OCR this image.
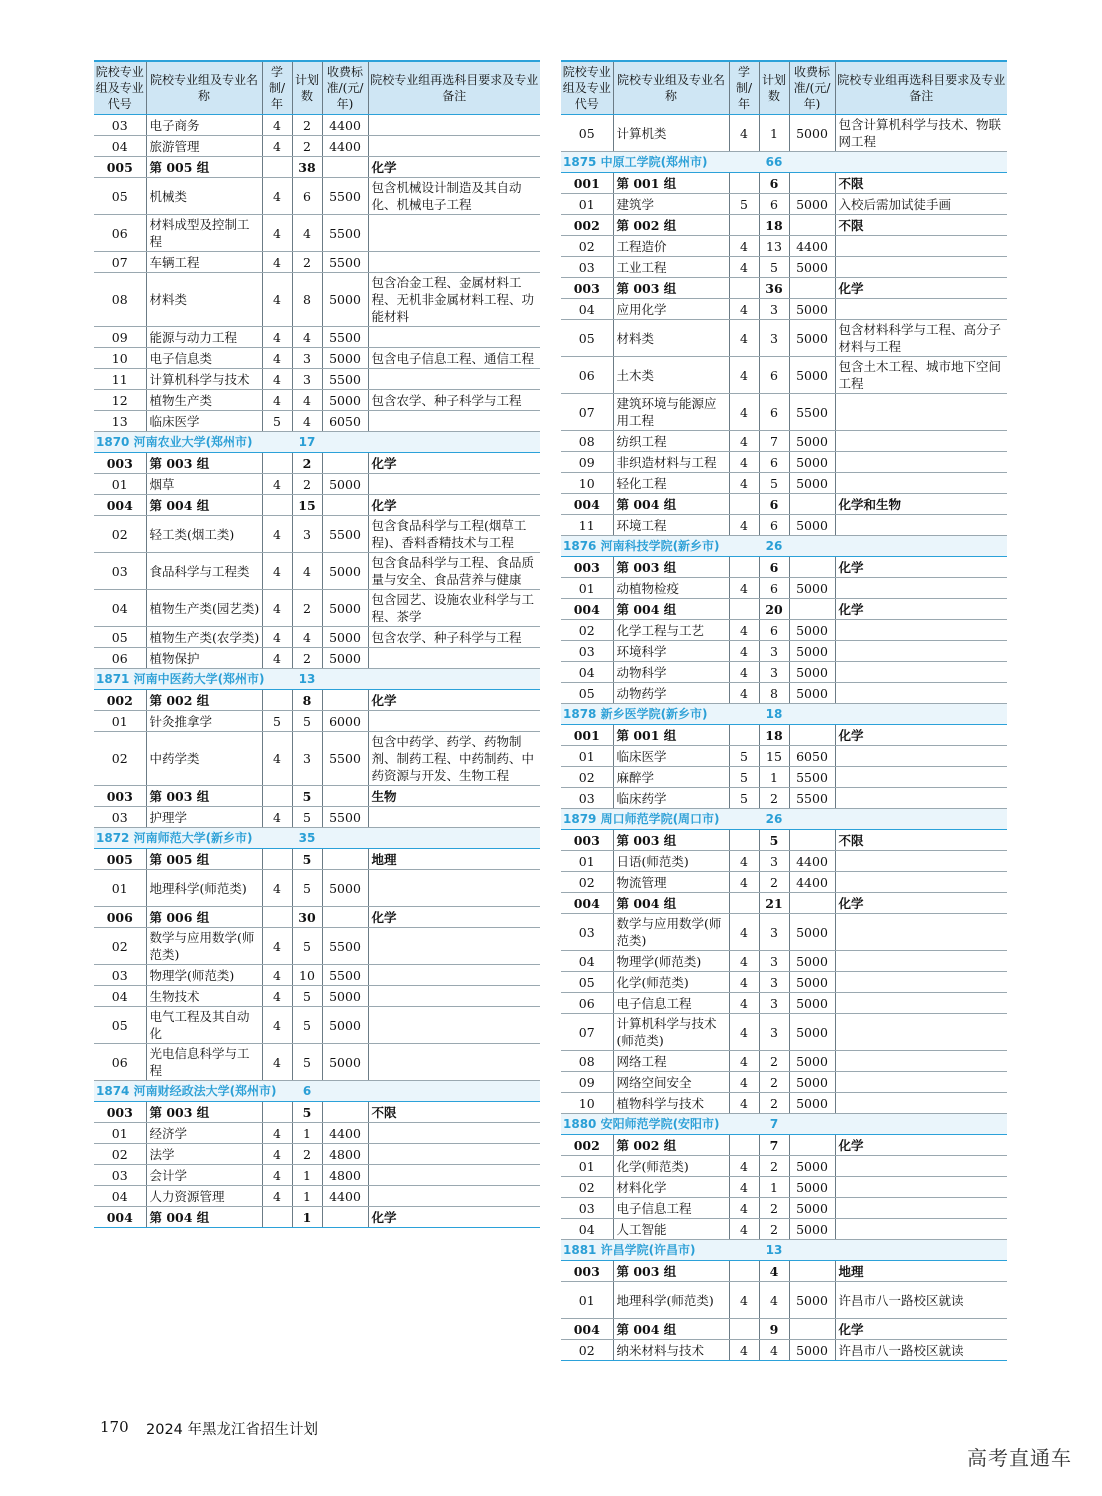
院校专业组及专业代号	院校专业组及专业名称	学制/年	计划数	收费标准/(元/年)	院校专业组再选科目要求及专业备注
03	电子商务	4	2	4400	
04	旅游管理	4	2	4400	
005	第 005 组		38		化学
05	机械类	4	6	5500	包含机械设计制造及其自动化、机械电子工程
06	材料成型及控制工程	4	4	5500	
07	车辆工程	4	2	5500	
08	材料类	4	8	5000	包含冶金工程、金属材料工程、无机非金属材料工程、功能材料
09	能源与动力工程	4	4	5500	
10	电子信息类	4	3	5000	包含电子信息工程、通信工程
11	计算机科学与技术	4	3	5500	
12	植物生产类	4	4	5000	包含农学、种子科学与工程
13	临床医学	5	4	6050	
1870 河南农业大学(郑州市)			17		
003	第 003 组		2		化学
01	烟草	4	2	5000	
004	第 004 组		15		化学
02	轻工类(烟工类)	4	3	5500	包含食品科学与工程(烟草工程)、香料香精技术与工程
03	食品科学与工程类	4	4	5000	包含食品科学与工程、食品质量与安全、食品营养与健康
04	植物生产类(园艺类)	4	2	5000	包含园艺、设施农业科学与工程、茶学
05	植物生产类(农学类)	4	4	5000	包含农学、种子科学与工程
06	植物保护	4	2	5000	
1871 河南中医药大学(郑州市)			13		
002	第 002 组		8		化学
01	针灸推拿学	5	5	6000	
02	中药学类	4	3	5500	包含中药学、药学、药物制剂、制药工程、中药制药、中药资源与开发、生物工程
003	第 003 组		5		生物
03	护理学	4	5	5500	
1872 河南师范大学(新乡市)			35		
005	第 005 组		5		地理
01	地理科学(师范类)	4	5	5000	
006	第 006 组		30		化学
02	数学与应用数学(师范类)	4	5	5500	
03	物理学(师范类)	4	10	5500	
04	生物技术	4	5	5000	
05	电气工程及其自动化	4	5	5000	
06	光电信息科学与工程	4	5	5000	
1874 河南财经政法大学(郑州市)			6		
003	第 003 组		5		不限
01	经济学	4	1	4400	
02	法学	4	2	4800	
03	会计学	4	1	4800	
04	人力资源管理	4	1	4400	
004	第 004 组		1		化学
院校专业组及专业代号	院校专业组及专业名称	学制/年	计划数	收费标准/(元/年)	院校专业组再选科目要求及专业备注
05	计算机类	4	1	5000	包含计算机科学与技术、物联网工程
1875 中原工学院(郑州市)			66		
001	第 001 组		6		不限
01	建筑学	5	6	5000	入校后需加试徒手画
002	第 002 组		18		不限
02	工程造价	4	13	4400	
03	工业工程	4	5	5000	
003	第 003 组		36		化学
04	应用化学	4	3	5000	
05	材料类	4	3	5000	包含材料科学与工程、高分子材料与工程
06	土木类	4	6	5000	包含土木工程、城市地下空间工程
07	建筑环境与能源应用工程	4	6	5500	
08	纺织工程	4	7	5000	
09	非织造材料与工程	4	6	5000	
10	轻化工程	4	5	5000	
004	第 004 组		6		化学和生物
11	环境工程	4	6	5000	
1876 河南科技学院(新乡市)			26		
003	第 003 组		6		化学
01	动植物检疫	4	6	5000	
004	第 004 组		20		化学
02	化学工程与工艺	4	6	5000	
03	环境科学	4	3	5000	
04	动物科学	4	3	5000	
05	动物药学	4	8	5000	
1878 新乡医学院(新乡市)			18		
001	第 001 组		18		化学
01	临床医学	5	15	6050	
02	麻醉学	5	1	5500	
03	临床药学	5	2	5500	
1879 周口师范学院(周口市)			26		
003	第 003 组		5		不限
01	日语(师范类)	4	3	4400	
02	物流管理	4	2	4400	
004	第 004 组		21		化学
03	数学与应用数学(师范类)	4	3	5000	
04	物理学(师范类)	4	3	5000	
05	化学(师范类)	4	3	5000	
06	电子信息工程	4	3	5000	
07	计算机科学与技术(师范类)	4	3	5000	
08	网络工程	4	2	5000	
09	网络空间安全	4	2	5000	
10	植物科学与技术	4	2	5000	
1880 安阳师范学院(安阳市)			7		
002	第 002 组		7		化学
01	化学(师范类)	4	2	5000	
02	材料化学	4	1	5000	
03	电子信息工程	4	2	5000	
04	人工智能	4	2	5000	
1881 许昌学院(许昌市)			13		
003	第 003 组		4		地理
01	地理科学(师范类)	4	4	5000	许昌市八一路校区就读
004	第 004 组		9		化学
02	纳米材料与技术	4	4	5000	许昌市八一路校区就读
170 2024 年黑龙江省招生计划
高考直通车
